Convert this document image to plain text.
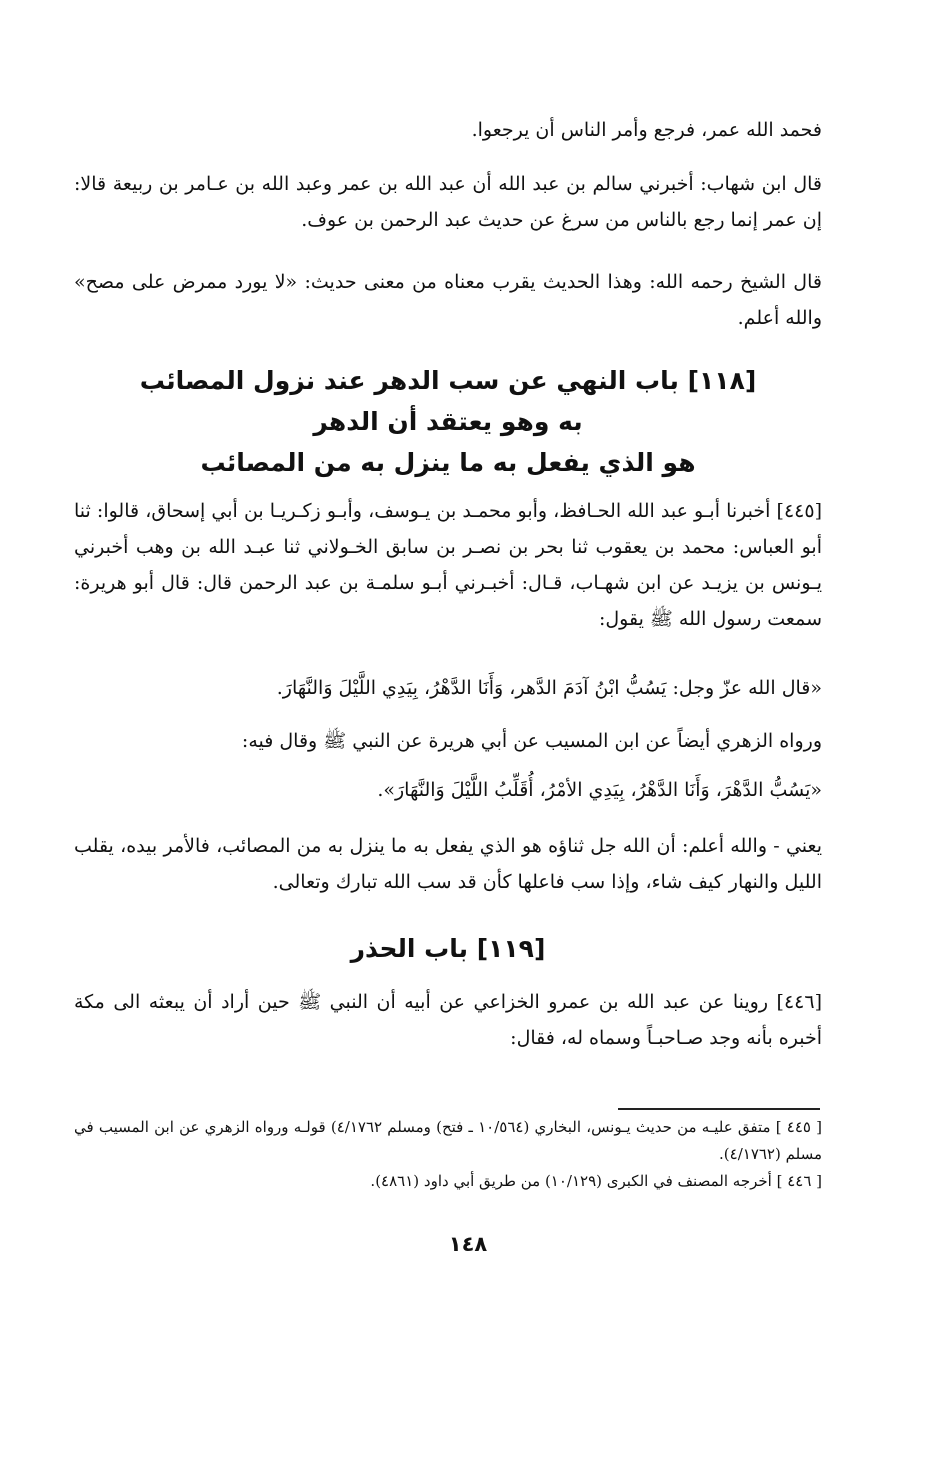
فحمد الله عمر، فرجع وأمر الناس أن يرجعوا.

قال ابن شهاب: أخبرني سالم بن عبد الله أن عبد الله بن عمر وعبد الله بن عـامر بن ربيعة قالا: إن عمر إنما رجع بالناس من سرغ عن حديث عبد الرحمن بن عوف.

قال الشيخ رحمه الله: وهذا الحديث يقرب معناه من معنى حديث: «لا يورد ممرض على مصح» والله أعلم.

[١١٨] باب النهي عن سب الدهر عند نزول المصائب

به وهو يعتقد أن الدهر

هو الذي يفعل به ما ينزل به من المصائب

[٤٤٥] أخبرنا أبـو عبد الله الحـافظ، وأبو محمـد بن يـوسف، وأبـو زكـريـا بن أبي إسحاق، قالوا: ثنا أبو العباس: محمد بن يعقوب ثنا بحر بن نصـر بن سابق الخـولاني ثنا عبـد الله بن وهب أخبرني يـونس بن يزيـد عن ابن شهـاب، قـال: أخبـرني أبـو سلمـة بن عبد الرحمن قال: قال أبو هريرة: سمعت رسول الله ﷺ يقول:

«قال الله عزّ وجل: يَسُبُّ ابْنُ آدَمَ الدَّهر، وَأَنَا الدَّهْرُ، بِيَدِي اللَّيْلَ وَالنَّهَارَ.

ورواه الزهري أيضاً عن ابن المسيب عن أبي هريرة عن النبي ﷺ وقال فيه:

«يَسُبُّ الدَّهْرَ، وَأَنَا الدَّهْرُ، بِيَدِي الأمْرُ، أُقَلِّبُ اللَّيْلَ وَالنَّهَارَ».

يعني - والله أعلم: أن الله جل ثناؤه هو الذي يفعل به ما ينزل به من المصائب، فالأمر بيده، يقلب الليل والنهار كيف شاء، وإذا سب فاعلها كأن قد سب الله تبارك وتعالى.

[١١٩] باب الحذر

[٤٤٦] روينا عن عبد الله بن عمرو الخزاعي عن أبيه أن النبي ﷺ حين أراد أن يبعثه الى مكة أخبره بأنه وجد صـاحبـاً وسماه له، فقال:

[ ٤٤٥ ] متفق عليـه من حديث يـونس، البخاري (١٠/٥٦٤ ـ فتح) ومسلم ٤/١٧٦٢) قولـه ورواه الزهري عن ابن المسيب في مسلم (٤/١٧٦٢).

[ ٤٤٦ ] أخرجه المصنف في الكبرى (١٠/١٢٩) من طريق أبي داود (٤٨٦١).

١٤٨
